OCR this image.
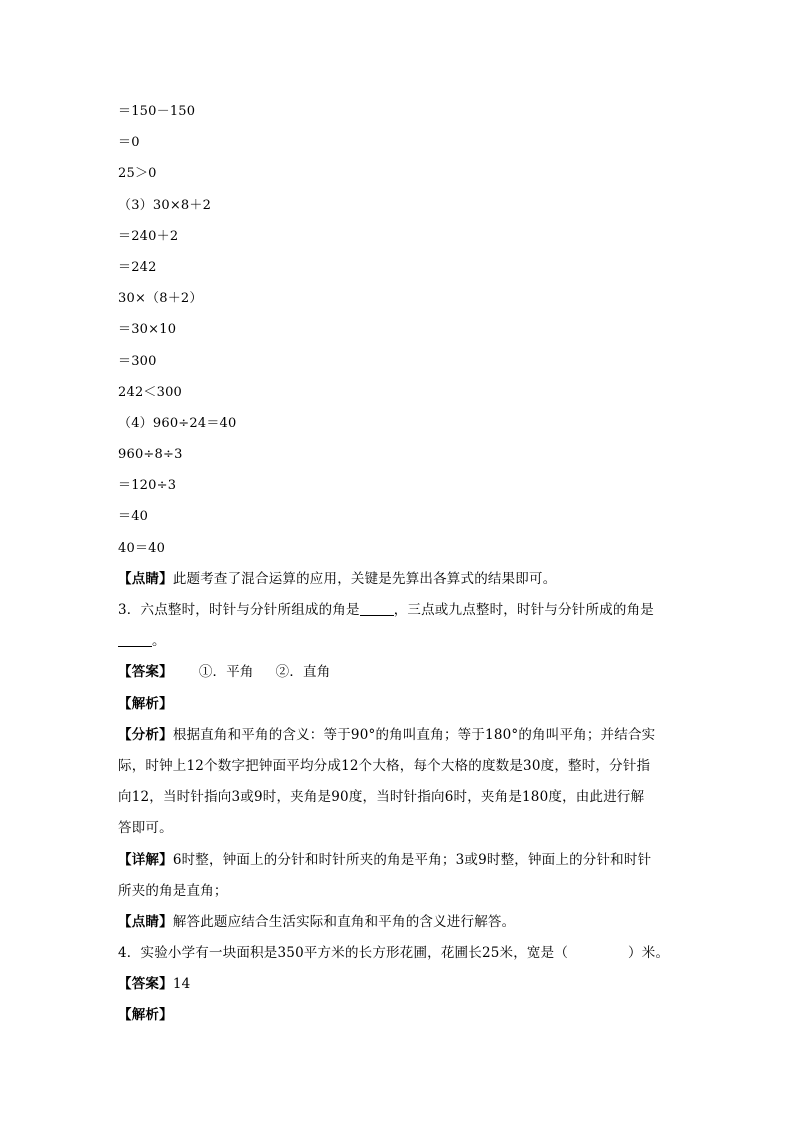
＝150－150
＝0
25＞0
（3）30×8＋2
＝240＋2
＝242
30×（8＋2）
＝30×10
＝300
242＜300
（4）960÷24＝40
960÷8÷3
＝120÷3
＝40
40＝40
【点睛】此题考查了混合运算的应用，关键是先算出各算式的结果即可。
3．六点整时，时针与分针所组成的角是	，三点或九点整时，时针与分针所成的角是
。
【答案】 ①．平角 ②．直角
【解析】
【分析】根据直角和平角的含义：等于90°的角叫直角；等于180°的角叫平角；并结合实
际，时钟上12个数字把钟面平均分成12个大格，每个大格的度数是30度，整时，分针指
向12，当时针指向3或9时，夹角是90度，当时针指向6时，夹角是180度，由此进行解
答即可。
【详解】6时整，钟面上的分针和时针所夹的角是平角；3或9时整，钟面上的分针和时针
所夹的角是直角；
【点睛】解答此题应结合生活实际和直角和平角的含义进行解答。
4．实验小学有一块面积是350平方米的长方形花圃，花圃长25米，宽是（	）米。
【答案】14
【解析】
